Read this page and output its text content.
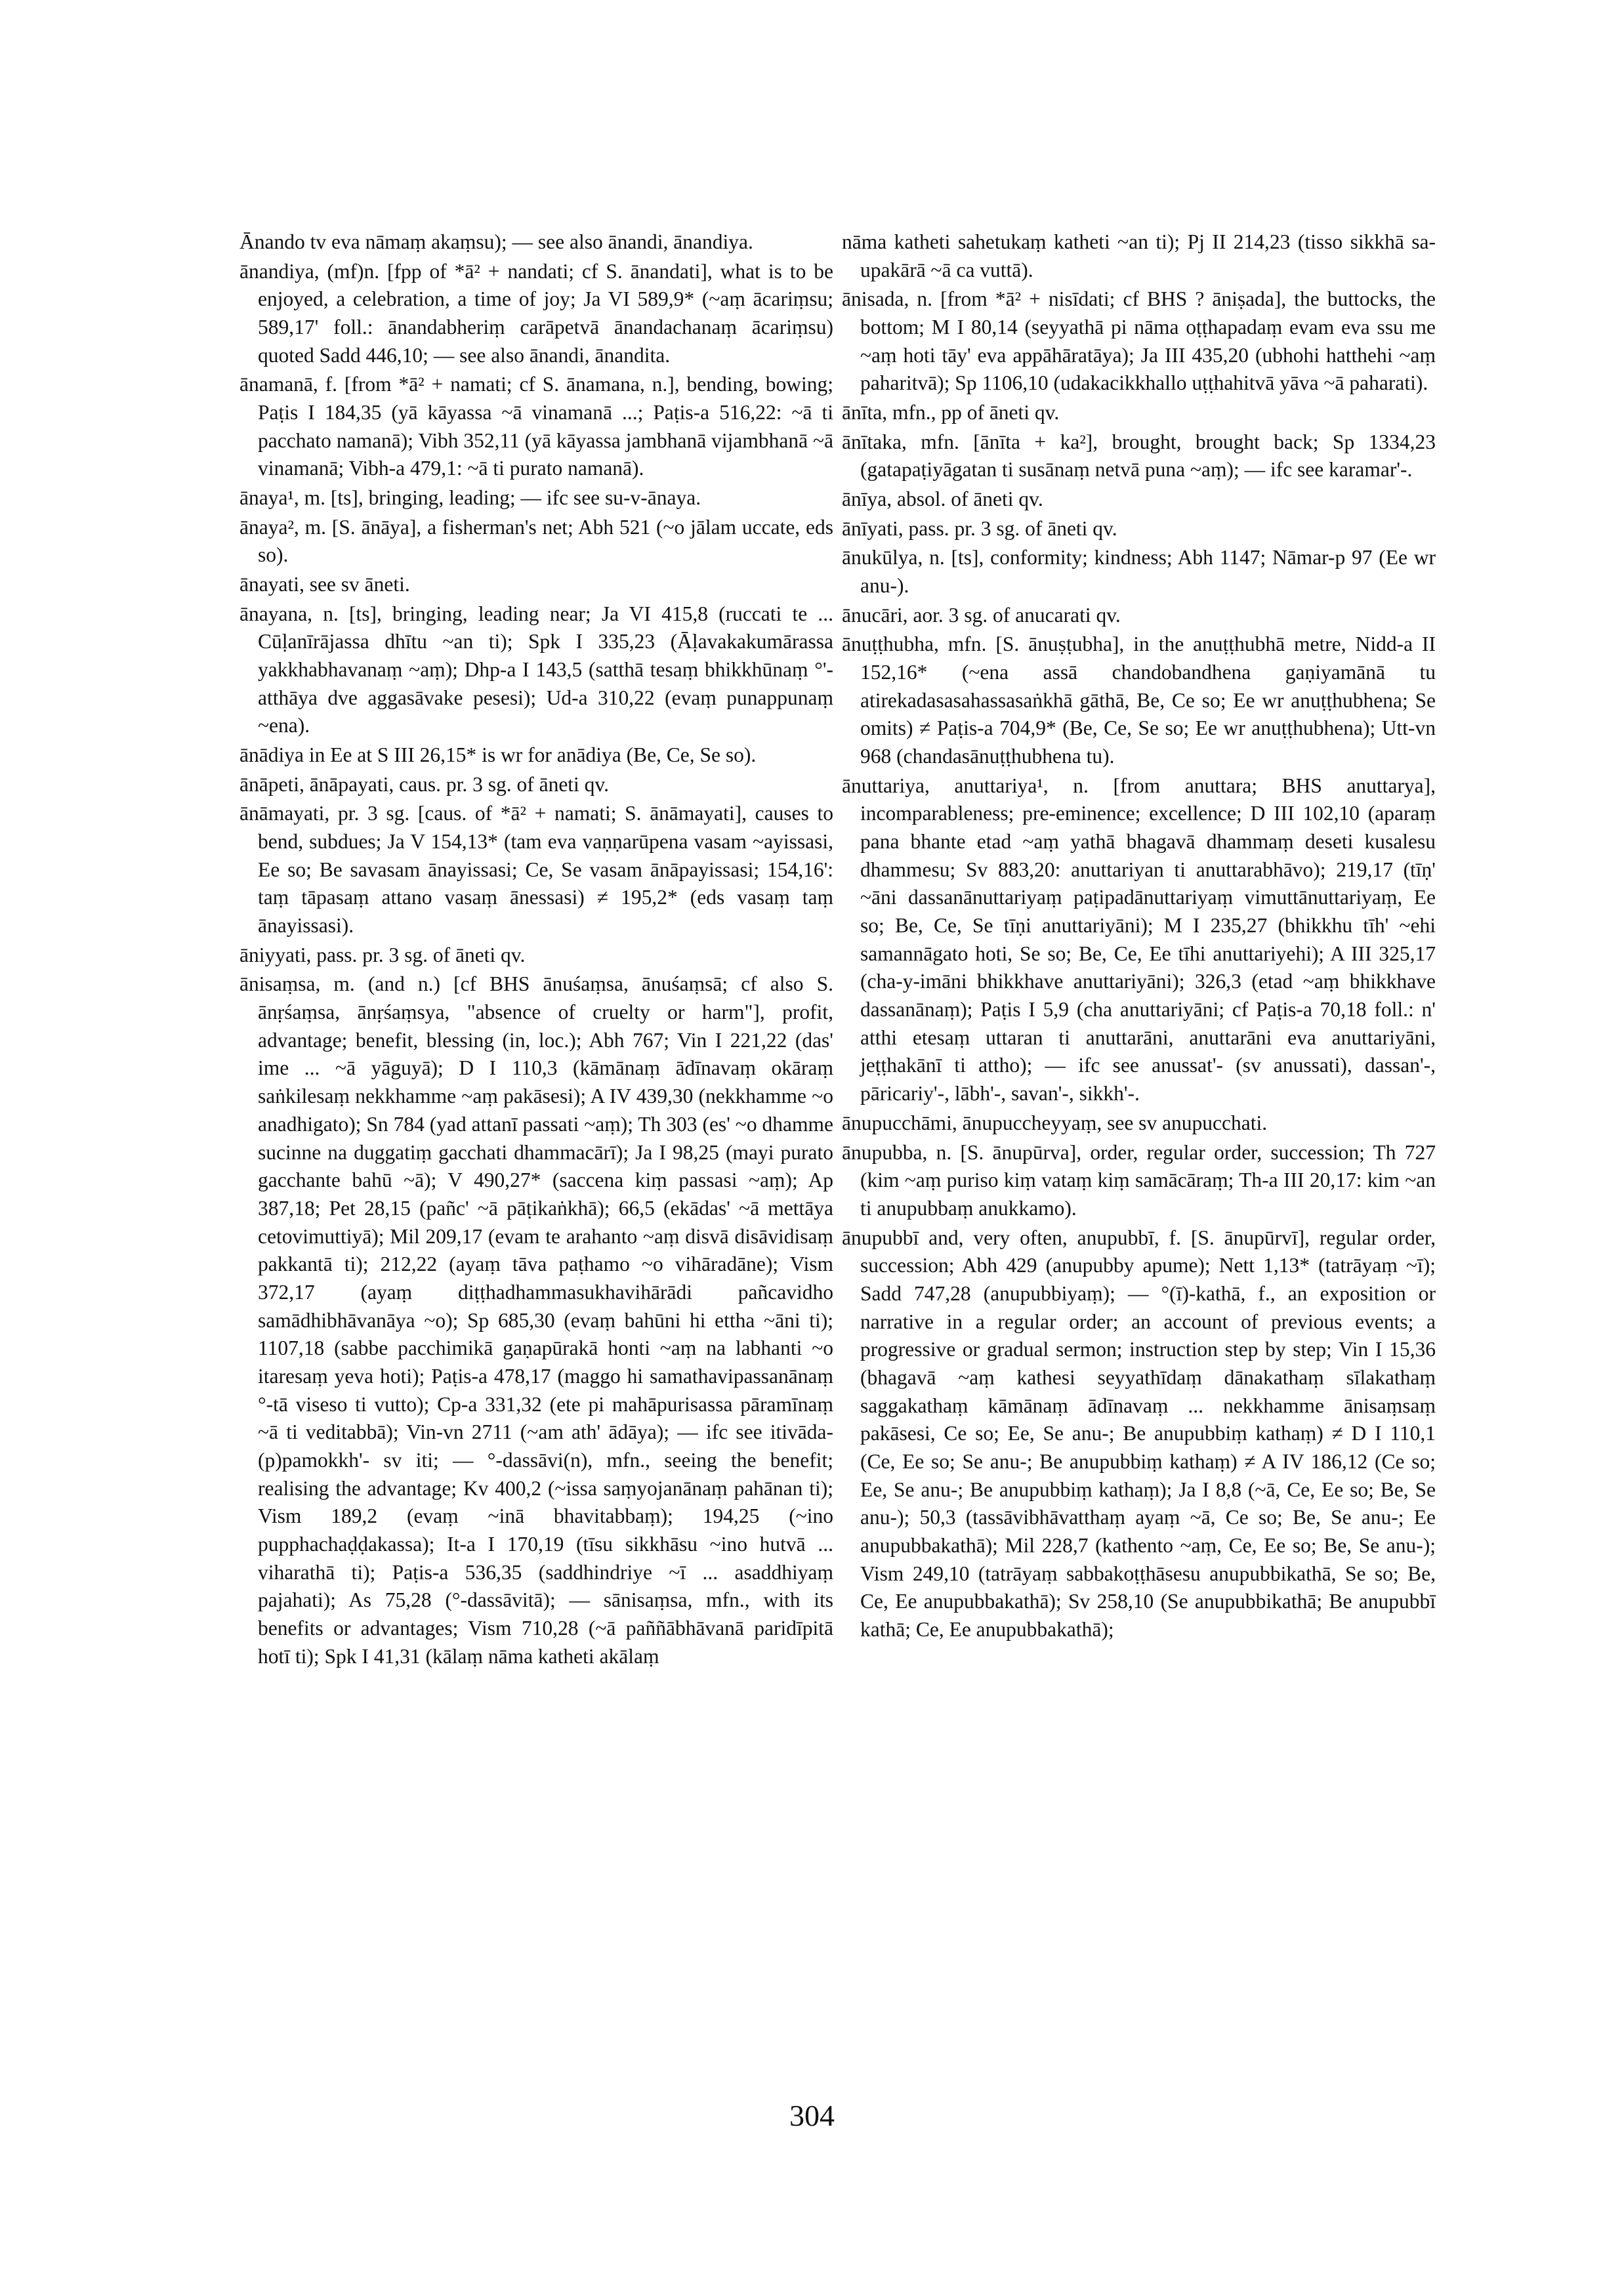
Ānando tv eva nāmaṃ akaṃsu); — see also ānandi, ānandiya.

ānandiya, (mf)n. [fpp of *ā² + nandati; cf S. ānandati], what is to be enjoyed, a celebration, a time of joy; Ja VI 589,9* (~aṃ ācariṃsu; 589,17' foll.: ānandabheriṃ carāpetvā ānandachanaṃ ācariṃsu) quoted Sadd 446,10; — see also ānandi, ānandita.

ānamanā, f. [from *ā² + namati; cf S. ānamana, n.], bending, bowing; Paṭis I 184,35 (yā kāyassa ~ā vinamanā ...; Paṭis-a 516,22: ~ā ti pacchato namanā); Vibh 352,11 (yā kāyassa jambhanā vijambhanā ~ā vinamanā; Vibh-a 479,1: ~ā ti purato namanā).

ānaya¹, m. [ts], bringing, leading; — ifc see su-v-ānaya.

ānaya², m. [S. ānāya], a fisherman's net; Abh 521 (~o jālam uccate, eds so).

ānayati, see sv āneti.

ānayana, n. [ts], bringing, leading near; Ja VI 415,8 (ruccati te ... Cūḷanīrājassa dhītu ~an ti); Spk I 335,23 (Āḷavakakumārassa yakkhabhavanaṃ ~aṃ); Dhp-a I 143,5 (satthā tesaṃ bhikkhūnaṃ °'-atthāya dve aggasāvake pesesi); Ud-a 310,22 (evaṃ punappunaṃ ~ena).

ānādiya in Ee at S III 26,15* is wr for anādiya (Be, Ce, Se so).

ānāpeti, ānāpayati, caus. pr. 3 sg. of āneti qv.

ānāmayati, pr. 3 sg. [caus. of *ā² + namati; S. ānāmayati], causes to bend, subdues; Ja V 154,13* (tam eva vaṇṇarūpena vasam ~ayissasi, Ee so; Be savasam ānayissasi; Ce, Se vasam ānāpayissasi; 154,16': taṃ tāpasaṃ attano vasaṃ ānessasi) ≠ 195,2* (eds vasaṃ taṃ ānayissasi).

āniyyati, pass. pr. 3 sg. of āneti qv.

ānisaṃsa, m. (and n.) [cf BHS ānuśaṃsa, ānuśaṃsā; cf also S. ānṛśaṃsa, ānṛśaṃsya, "absence of cruelty or harm"], profit, advantage; benefit, blessing (in, loc.); Abh 767; Vin I 221,22 (das' ime ... ~ā yāguyā); D I 110,3 (kāmānaṃ ādīnavaṃ okāraṃ saṅkilesaṃ nekkhamme ~aṃ pakāsesi); A IV 439,30 (nekkhamme ~o anadhigato); Sn 784 (yad attanī passati ~aṃ); Th 303 (es' ~o dhamme sucinne na duggatiṃ gacchati dhammacārī); Ja I 98,25 (mayi purato gacchante bahū ~ā); V 490,27* (saccena kiṃ passasi ~aṃ); Ap 387,18; Pet 28,15 (pañc' ~ā pāṭikaṅkhā); 66,5 (ekādas' ~ā mettāya cetovimuttiyā); Mil 209,17 (evam te arahanto ~aṃ disvā disāvidisaṃ pakkantā ti); 212,22 (ayaṃ tāva paṭhamo ~o vihāradāne); Vism 372,17 (ayaṃ diṭṭhadhammasukhavihārādi pañcavidho samādhibhāvanāya ~o); Sp 685,30 (evaṃ bahūni hi ettha ~āni ti); 1107,18 (sabbe pacchimikā gaṇapūrakā honti ~aṃ na labhanti ~o itaresaṃ yeva hoti); Paṭis-a 478,17 (maggo hi samathavipassanānaṃ °-tā viseso ti vutto); Cp-a 331,32 (ete pi mahāpurisassa pāramīnaṃ ~ā ti veditabbā); Vin-vn 2711 (~am ath' ādāya); — ifc see itivāda-(p)pamokkh'- sv iti; — °-dassāvi(n), mfn., seeing the benefit; realising the advantage; Kv 400,2 (~issa saṃyojanānaṃ pahānan ti); Vism 189,2 (evaṃ ~inā bhavitabbaṃ); 194,25 (~ino pupphachaḍḍakassa); It-a I 170,19 (tīsu sikkhāsu ~ino hutvā ... viharathā ti); Paṭis-a 536,35 (saddhindriye ~ī ... asaddhiyaṃ pajahati); As 75,28 (°-dassāvitā); — sānisaṃsa, mfn., with its benefits or advantages; Vism 710,28 (~ā paññābhāvanā paridīpitā hotī ti); Spk I 41,31 (kālaṃ nāma katheti akālaṃ

nāma katheti sahetukaṃ katheti ~an ti); Pj II 214,23 (tisso sikkhā sa-upakārā ~ā ca vuttā).

ānisada, n. [from *ā² + nisīdati; cf BHS ? āniṣada], the buttocks, the bottom; M I 80,14 (seyyathā pi nāma oṭṭhapadaṃ evam eva ssu me ~aṃ hoti tāy' eva appāhāratāya); Ja III 435,20 (ubhohi hatthehi ~aṃ paharitvā); Sp 1106,10 (udakacikkhallo uṭṭhahitvā yāva ~ā paharati).

ānīta, mfn., pp of āneti qv.

ānītaka, mfn. [ānīta + ka²], brought, brought back; Sp 1334,23 (gatapaṭiyāgatan ti susānaṃ netvā puna ~aṃ); — ifc see karamar'-.

ānīya, absol. of āneti qv.

ānīyati, pass. pr. 3 sg. of āneti qv.

ānukūlya, n. [ts], conformity; kindness; Abh 1147; Nāmar-p 97 (Ee wr anu-).

ānucāri, aor. 3 sg. of anucarati qv.

ānuṭṭhubha, mfn. [S. ānuṣṭubha], in the anuṭṭhubhā metre, Nidd-a II 152,16* (~ena assā chandobandhena gaṇiyamānā tu atirekadasasahassasaṅkhā gāthā, Be, Ce so; Ee wr anuṭṭhubhena; Se omits) ≠ Paṭis-a 704,9* (Be, Ce, Se so; Ee wr anuṭṭhubhena); Utt-vn 968 (chandasānuṭṭhubhena tu).

ānuttariya, anuttariya¹, n. [from anuttara; BHS anuttarya], incomparableness; pre-eminence; excellence; D III 102,10 (aparaṃ pana bhante etad ~aṃ yathā bhagavā dhammaṃ deseti kusalesu dhammesu; Sv 883,20: anuttariyan ti anuttarabhāvo); 219,17 (tīṇ' ~āni dassanānuttariyaṃ paṭipadānuttariyaṃ vimuttānuttariyaṃ, Ee so; Be, Ce, Se tīṇi anuttariyāni); M I 235,27 (bhikkhu tīh' ~ehi samannāgato hoti, Se so; Be, Ce, Ee tīhi anuttariyehi); A III 325,17 (cha-y-imāni bhikkhave anuttariyāni); 326,3 (etad ~aṃ bhikkhave dassanānaṃ); Paṭis I 5,9 (cha anuttariyāni; cf Paṭis-a 70,18 foll.: n' atthi etesaṃ uttaran ti anuttarāni, anuttarāni eva anuttariyāni, jeṭṭhakānī ti attho); — ifc see anussat'- (sv anussati), dassan'-, pāricariy'-, lābh'-, savan'-, sikkh'-.

ānupucchāmi, ānupuccheyyaṃ, see sv anupucchati.

ānupubba, n. [S. ānupūrva], order, regular order, succession; Th 727 (kim ~aṃ puriso kiṃ vataṃ kiṃ samācāraṃ; Th-a III 20,17: kim ~an ti anupubbaṃ anukkamo).

ānupubbī and, very often, anupubbī, f. [S. ānupūrvī], regular order, succession; Abh 429 (anupubby apume); Nett 1,13* (tatrāyaṃ ~ī); Sadd 747,28 (anupubbiyaṃ); — °(ī)-kathā, f., an exposition or narrative in a regular order; an account of previous events; a progressive or gradual sermon; instruction step by step; Vin I 15,36 (bhagavā ~aṃ kathesi seyyathīdaṃ dānakathaṃ sīlakathaṃ saggakathaṃ kāmānaṃ ādīnavaṃ ... nekkhamme ānisaṃsaṃ pakāsesi, Ce so; Ee, Se anu-; Be anupubbiṃ kathaṃ) ≠ D I 110,1 (Ce, Ee so; Se anu-; Be anupubbiṃ kathaṃ) ≠ A IV 186,12 (Ce so; Ee, Se anu-; Be anupubbiṃ kathaṃ); Ja I 8,8 (~ā, Ce, Ee so; Be, Se anu-); 50,3 (tassāvibhāvatthaṃ ayaṃ ~ā, Ce so; Be, Se anu-; Ee anupubbakathā); Mil 228,7 (kathento ~aṃ, Ce, Ee so; Be, Se anu-); Vism 249,10 (tatrāyaṃ sabbakoṭṭhāsesu anupubbikathā, Se so; Be, Ce, Ee anupubbakathā); Sv 258,10 (Se anupubbikathā; Be anupubbī kathā; Ce, Ee anupubbakathā);

304
